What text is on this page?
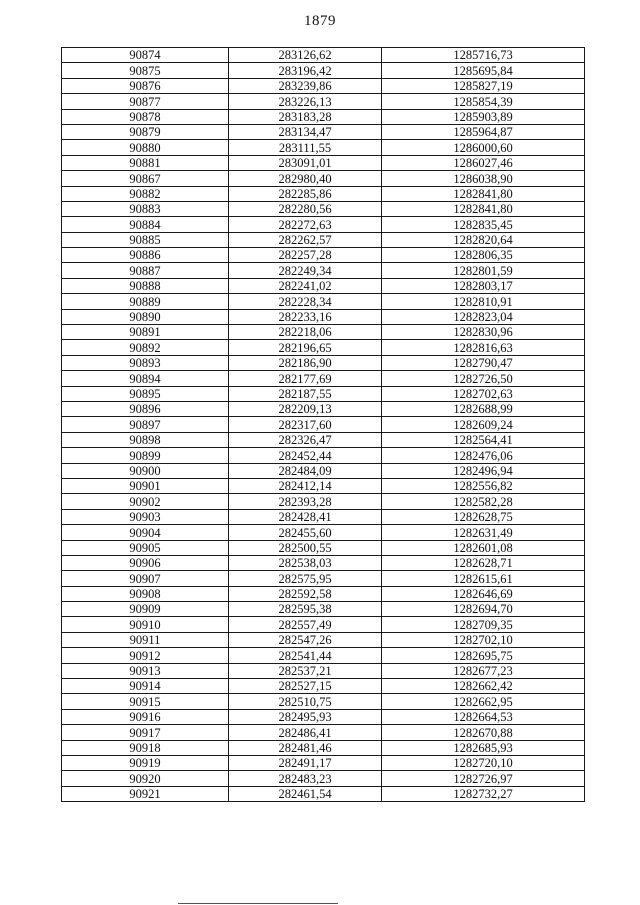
1879
90874	283126,62	1285716,73
90875	283196,42	1285695,84
90876	283239,86	1285827,19
90877	283226,13	1285854,39
90878	283183,28	1285903,89
90879	283134,47	1285964,87
90880	283111,55	1286000,60
90881	283091,01	1286027,46
90867	282980,40	1286038,90
90882	282285,86	1282841,80
90883	282280,56	1282841,80
90884	282272,63	1282835,45
90885	282262,57	1282820,64
90886	282257,28	1282806,35
90887	282249,34	1282801,59
90888	282241,02	1282803,17
90889	282228,34	1282810,91
90890	282233,16	1282823,04
90891	282218,06	1282830,96
90892	282196,65	1282816,63
90893	282186,90	1282790,47
90894	282177,69	1282726,50
90895	282187,55	1282702,63
90896	282209,13	1282688,99
90897	282317,60	1282609,24
90898	282326,47	1282564,41
90899	282452,44	1282476,06
90900	282484,09	1282496,94
90901	282412,14	1282556,82
90902	282393,28	1282582,28
90903	282428,41	1282628,75
90904	282455,60	1282631,49
90905	282500,55	1282601,08
90906	282538,03	1282628,71
90907	282575,95	1282615,61
90908	282592,58	1282646,69
90909	282595,38	1282694,70
90910	282557,49	1282709,35
90911	282547,26	1282702,10
90912	282541,44	1282695,75
90913	282537,21	1282677,23
90914	282527,15	1282662,42
90915	282510,75	1282662,95
90916	282495,93	1282664,53
90917	282486,41	1282670,88
90918	282481,46	1282685,93
90919	282491,17	1282720,10
90920	282483,23	1282726,97
90921	282461,54	1282732,27
